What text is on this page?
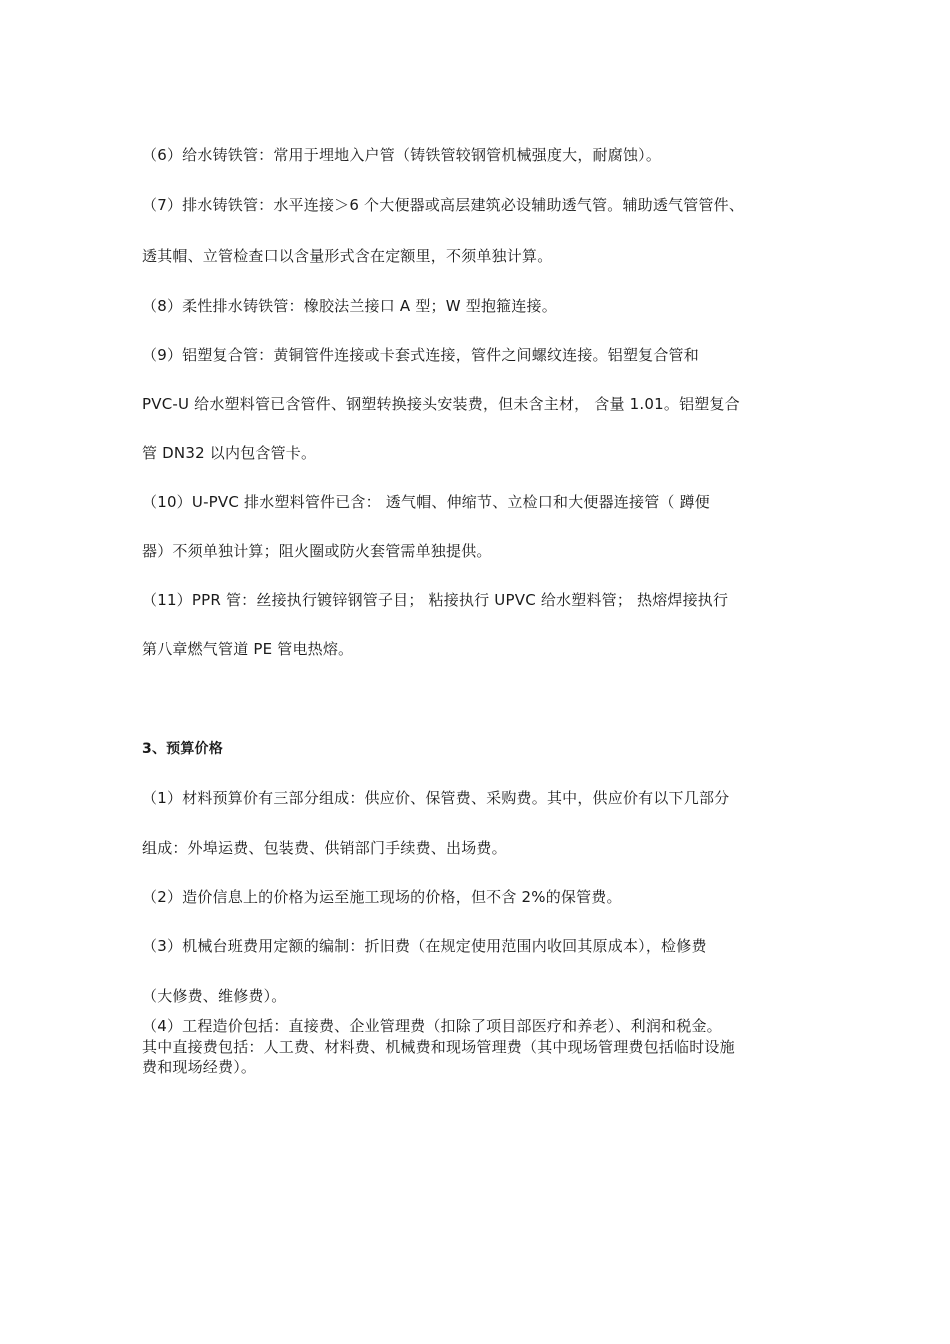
（6）给水铸铁管：常用于埋地入户管（铸铁管较钢管机械强度大，耐腐蚀）。
（7）排水铸铁管：水平连接＞6 个大便器或高层建筑必设辅助透气管。辅助透气管管件、
透其帽、立管检查口以含量形式含在定额里，不须单独计算。
（8）柔性排水铸铁管：橡胶法兰接口 A 型；W 型抱箍连接。
（9）铝塑复合管：黄铜管件连接或卡套式连接，管件之间螺纹连接。铝塑复合管和
PVC-U 给水塑料管已含管件、钢塑转换接头安装费，但未含主材， 含量 1.01。铝塑复合
管 DN32 以内包含管卡。
（10）U-PVC 排水塑料管件已含： 透气帽、伸缩节、立检口和大便器连接管（ 蹲便
器）不须单独计算；阻火圈或防火套管需单独提供。
（11）PPR 管：丝接执行镀锌钢管子目； 粘接执行 UPVC 给水塑料管； 热熔焊接执行
第八章燃气管道 PE 管电热熔。
3、预算价格
（1）材料预算价有三部分组成：供应价、保管费、采购费。其中，供应价有以下几部分
组成：外埠运费、包装费、供销部门手续费、出场费。
（2）造价信息上的价格为运至施工现场的价格，但不含 2%的保管费。
（3）机械台班费用定额的编制：折旧费（在规定使用范围内收回其原成本），检修费
（大修费、维修费）。
（4）工程造价包括：直接费、企业管理费（扣除了项目部医疗和养老）、利润和税金。
其中直接费包括：人工费、材料费、机械费和现场管理费（其中现场管理费包括临时设施
费和现场经费）。
